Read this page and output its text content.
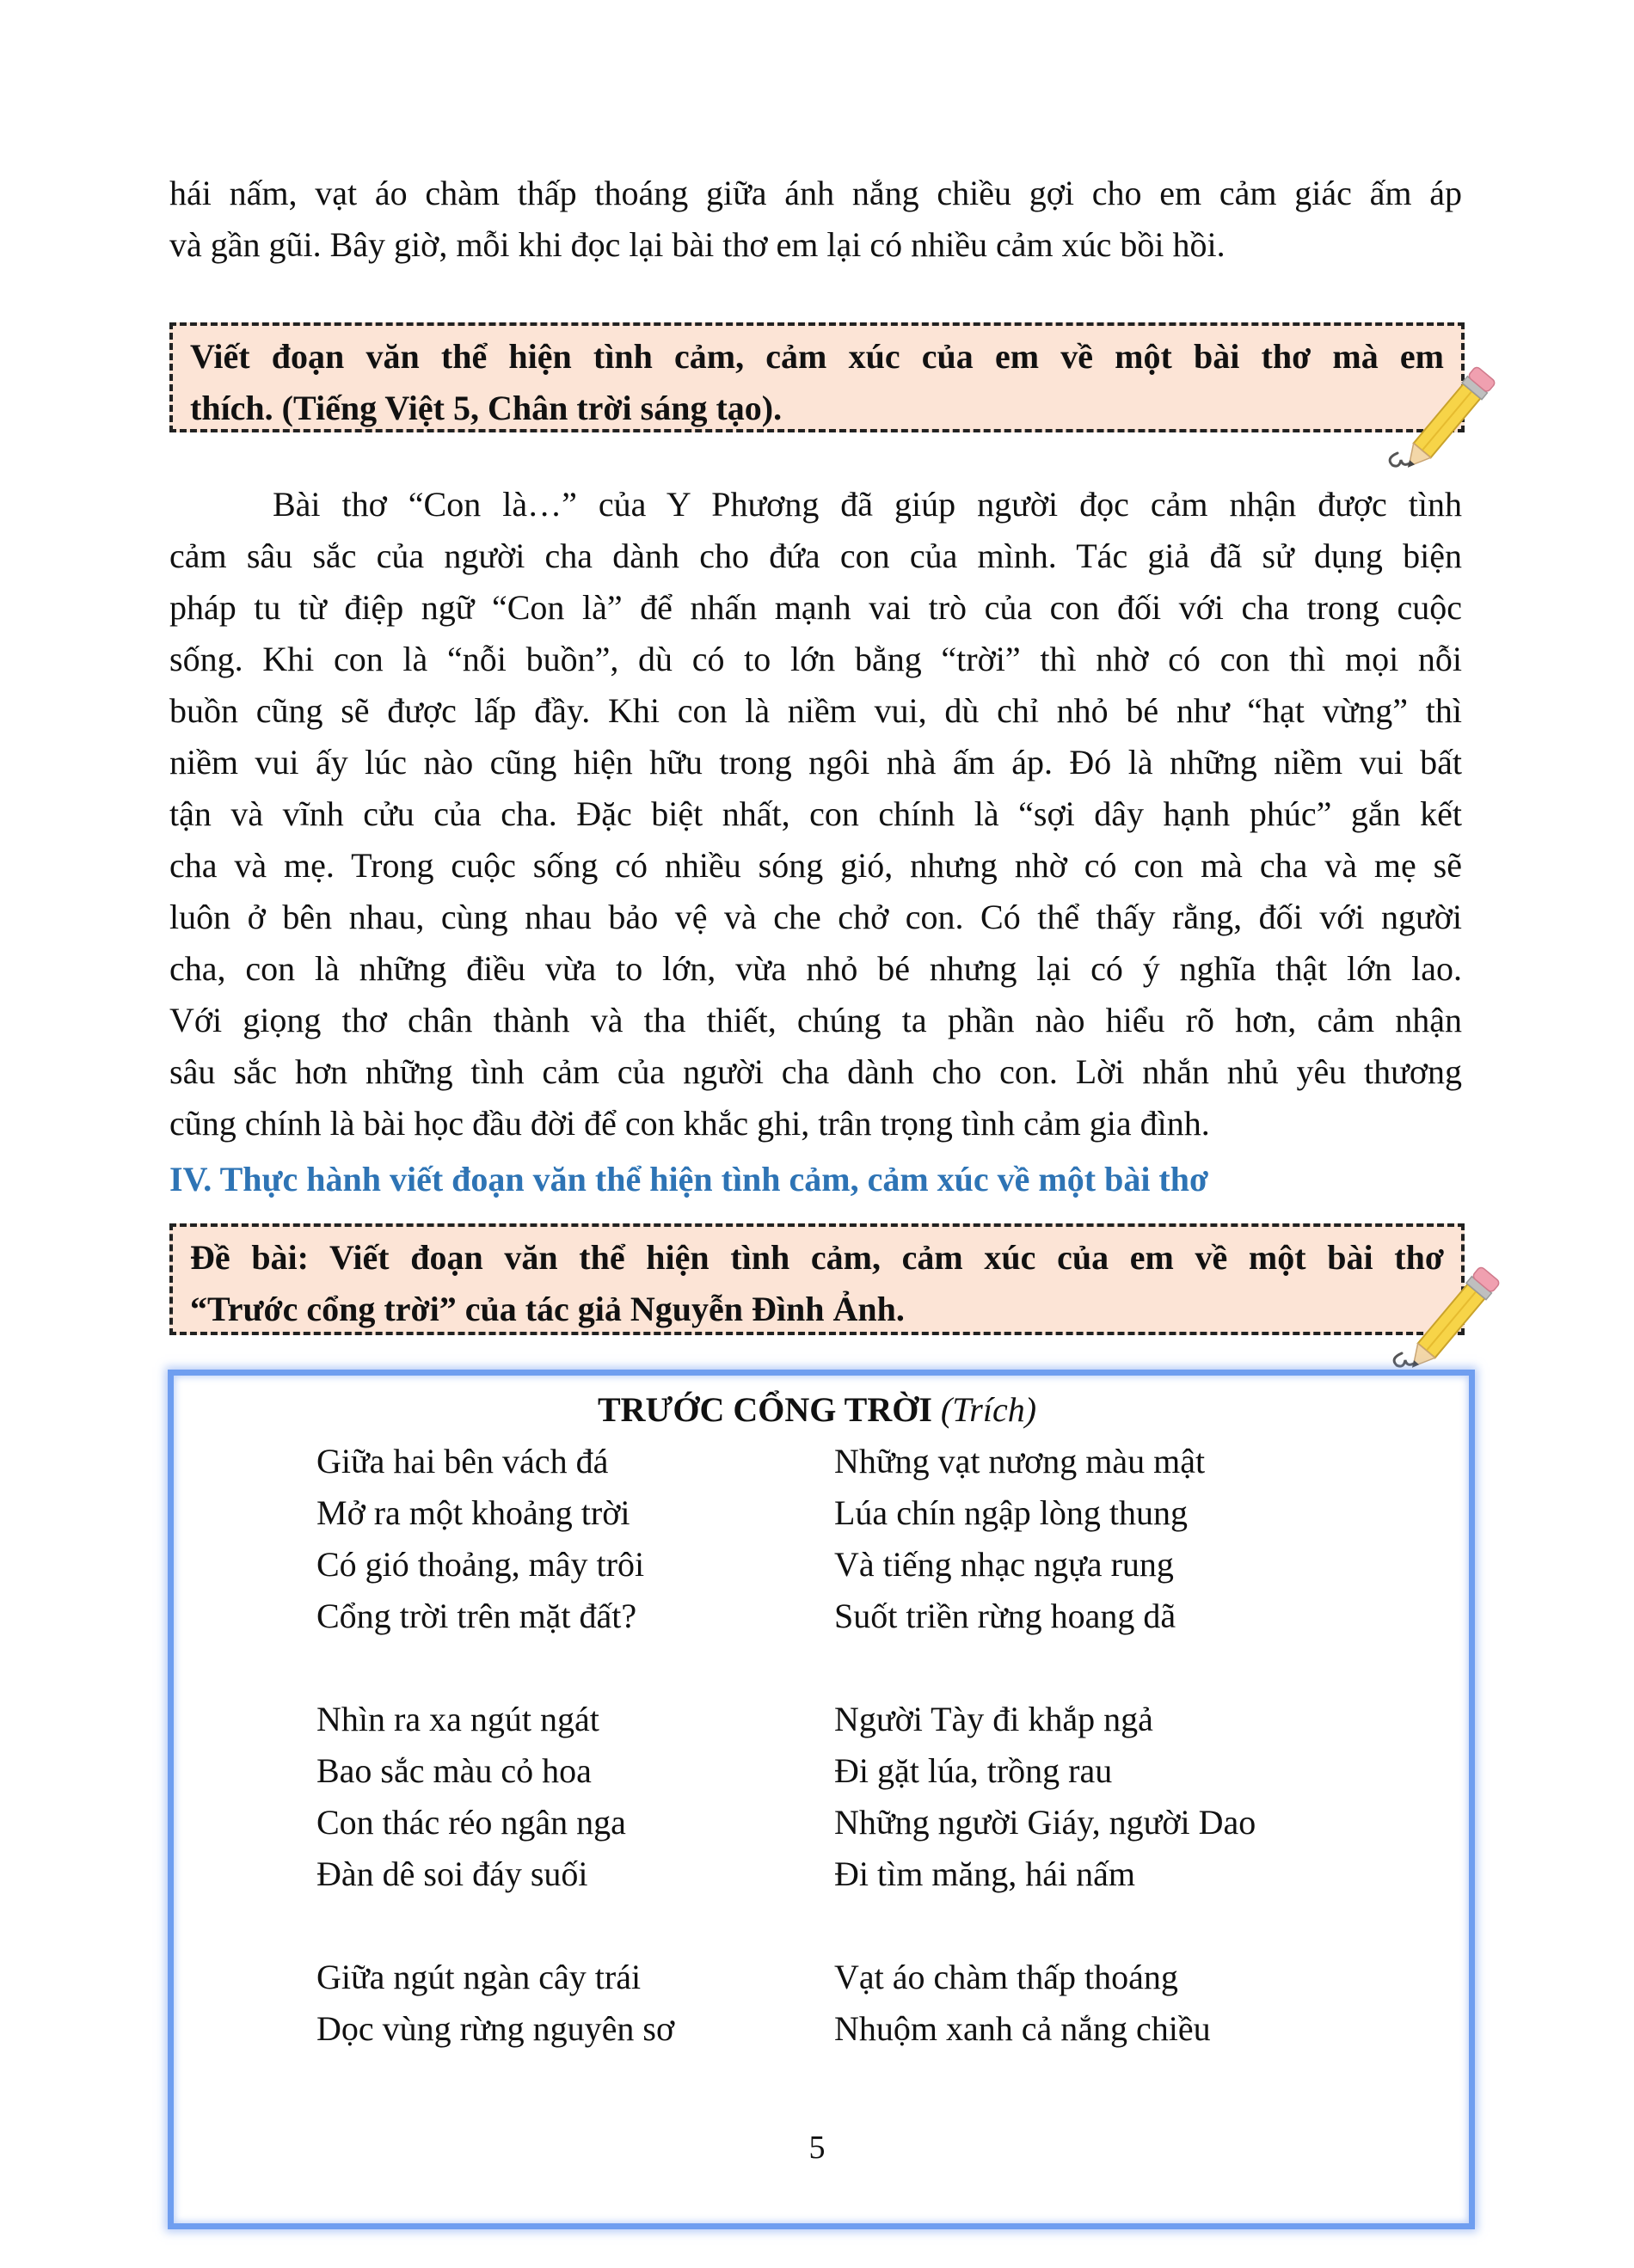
hái nấm, vạt áo chàm thấp thoáng giữa ánh nắng chiều gợi cho em cảm giác ấm áp
và gần gũi. Bây giờ, mỗi khi đọc lại bài thơ em lại có nhiều cảm xúc bồi hồi.
Viết đoạn văn thể hiện tình cảm, cảm xúc của em về một bài thơ mà em
thích. (Tiếng Việt 5, Chân trời sáng tạo).
Bài thơ “Con là…” của Y Phương đã giúp người đọc cảm nhận được tình
cảm sâu sắc của người cha dành cho đứa con của mình. Tác giả đã sử dụng biện
pháp tu từ điệp ngữ “Con là” để nhấn mạnh vai trò của con đối với cha trong cuộc
sống. Khi con là “nỗi buồn”, dù có to lớn bằng “trời” thì nhờ có con thì mọi nỗi
buồn cũng sẽ được lấp đầy. Khi con là niềm vui, dù chỉ nhỏ bé như “hạt vừng” thì
niềm vui ấy lúc nào cũng hiện hữu trong ngôi nhà ấm áp. Đó là những niềm vui bất
tận và vĩnh cửu của cha. Đặc biệt nhất, con chính là “sợi dây hạnh phúc” gắn kết
cha và mẹ. Trong cuộc sống có nhiều sóng gió, nhưng nhờ có con mà cha và mẹ sẽ
luôn ở bên nhau, cùng nhau bảo vệ và che chở con. Có thể thấy rằng, đối với người
cha, con là những điều vừa to lớn, vừa nhỏ bé nhưng lại có ý nghĩa thật lớn lao.
Với giọng thơ chân thành và tha thiết, chúng ta phần nào hiểu rõ hơn, cảm nhận
sâu sắc hơn những tình cảm của người cha dành cho con. Lời nhắn nhủ yêu thương
cũng chính là bài học đầu đời để con khắc ghi, trân trọng tình cảm gia đình.

IV. Thực hành viết đoạn văn thể hiện tình cảm, cảm xúc về một bài thơ

Đề bài: Viết đoạn văn thể hiện tình cảm, cảm xúc của em về một bài thơ
“Trước cổng trời” của tác giả Nguyễn Đình Ảnh.

TRƯỚC CỔNG TRỜI (Trích)

Giữa hai bên vách đá
Mở ra một khoảng trời
Có gió thoảng, mây trôi
Cổng trời trên mặt đất?
Nhìn ra xa ngút ngát
Bao sắc màu cỏ hoa
Con thác réo ngân nga
Đàn dê soi đáy suối
Giữa ngút ngàn cây trái
Dọc vùng rừng nguyên sơ
Những vạt nương màu mật
Lúa chín ngập lòng thung
Và tiếng nhạc ngựa rung
Suốt triền rừng hoang dã
Người Tày đi khắp ngả
Đi gặt lúa, trồng rau
Những người Giáy, người Dao
Đi tìm măng, hái nấm
Vạt áo chàm thấp thoáng
Nhuộm xanh cả nắng chiều
5
